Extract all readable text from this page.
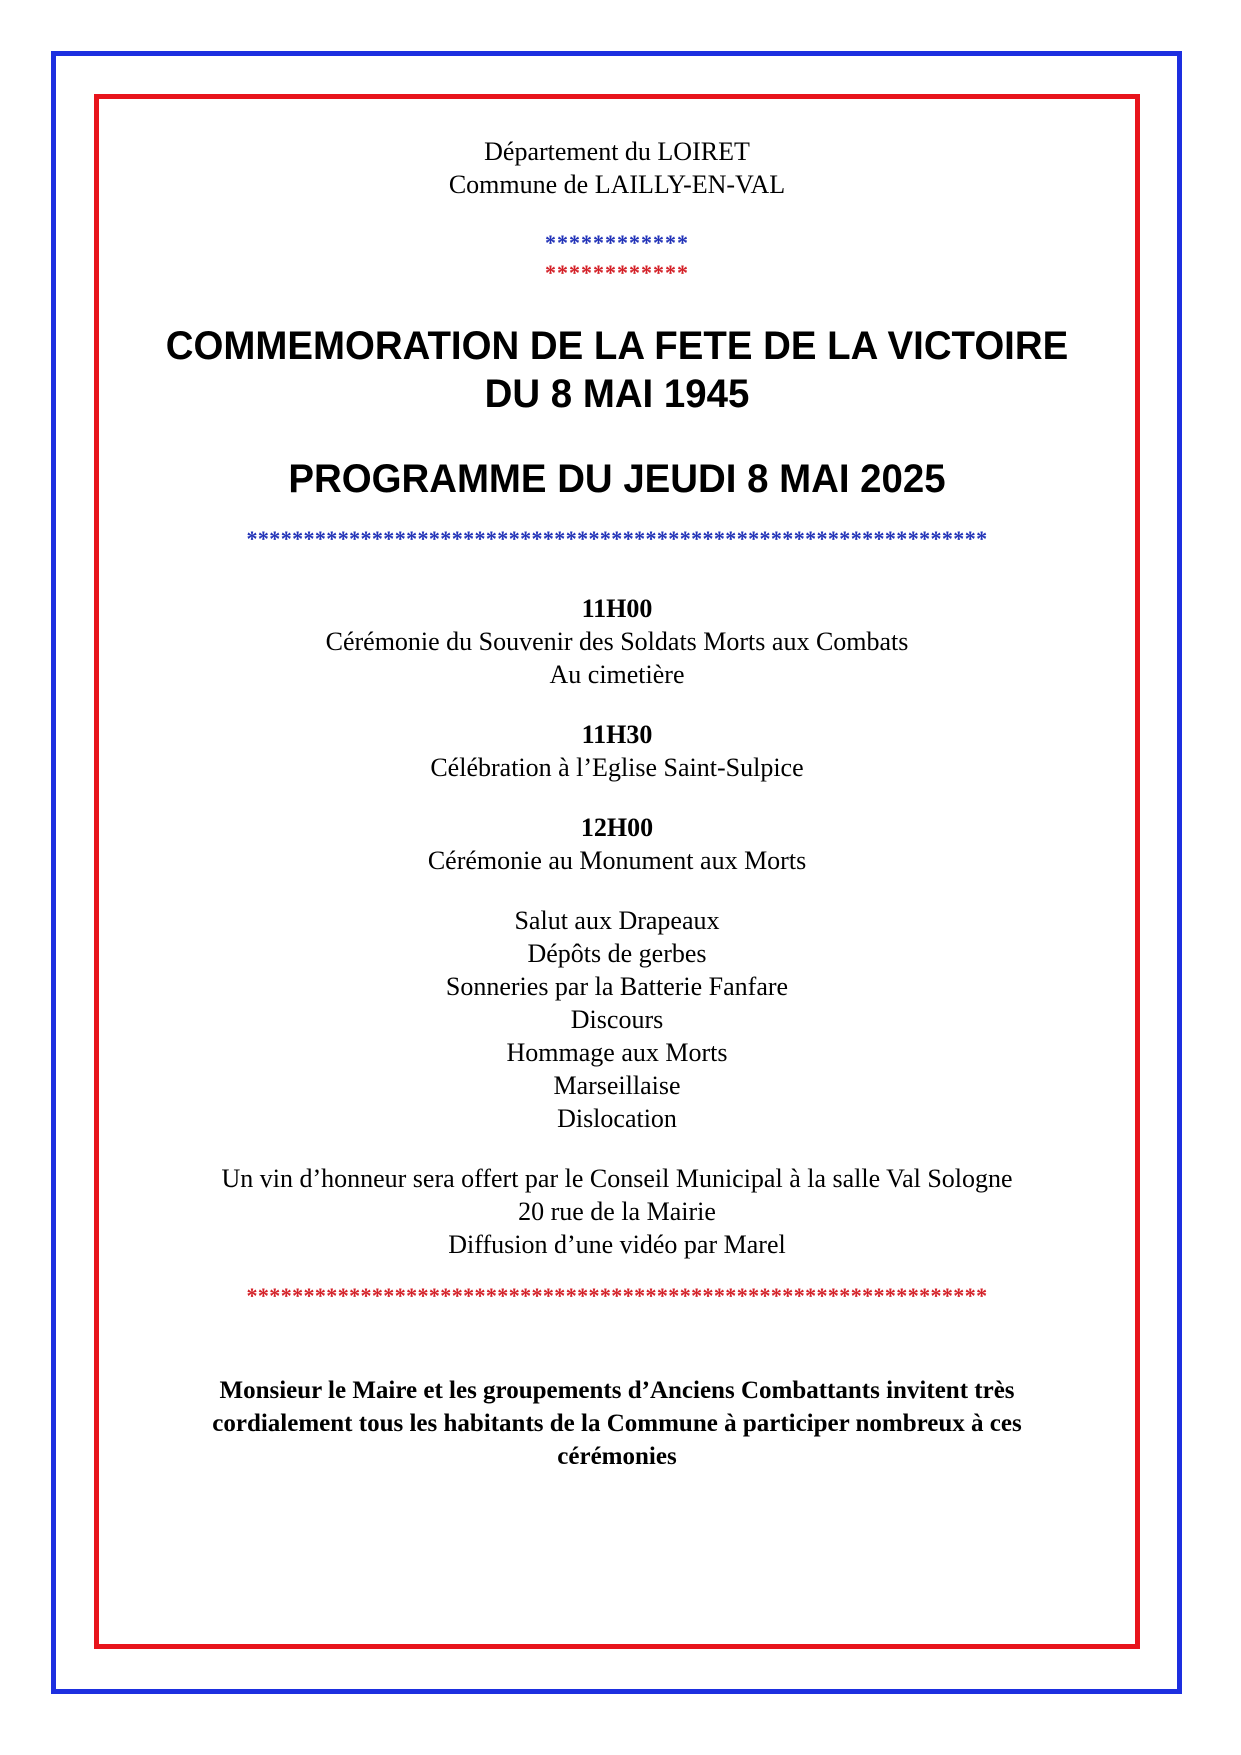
Département du LOIRET

Commune de LAILLY-EN-VAL

************
************
COMMEMORATION DE LA FETE DE LA VICTOIRE
DU 8 MAI 1945
PROGRAMME DU JEUDI 8 MAI 2025
*****************************************************************

11H00

Cérémonie du Souvenir des Soldats Morts aux Combats

Au cimetière

11H30

Célébration à l’Eglise Saint-Sulpice

12H00

Cérémonie au Monument aux Morts

Salut aux Drapeaux

Dépôts de gerbes

Sonneries par la Batterie Fanfare

Discours

Hommage aux Morts

Marseillaise

Dislocation

Un vin d’honneur sera offert par le Conseil Municipal à la salle Val Sologne

20 rue de la Mairie

Diffusion d’une vidéo par Marel

*****************************************************************
Monsieur le Maire et les groupements d’Anciens Combattants invitent très
cordialement tous les habitants de la Commune à participer nombreux à ces
cérémonies
